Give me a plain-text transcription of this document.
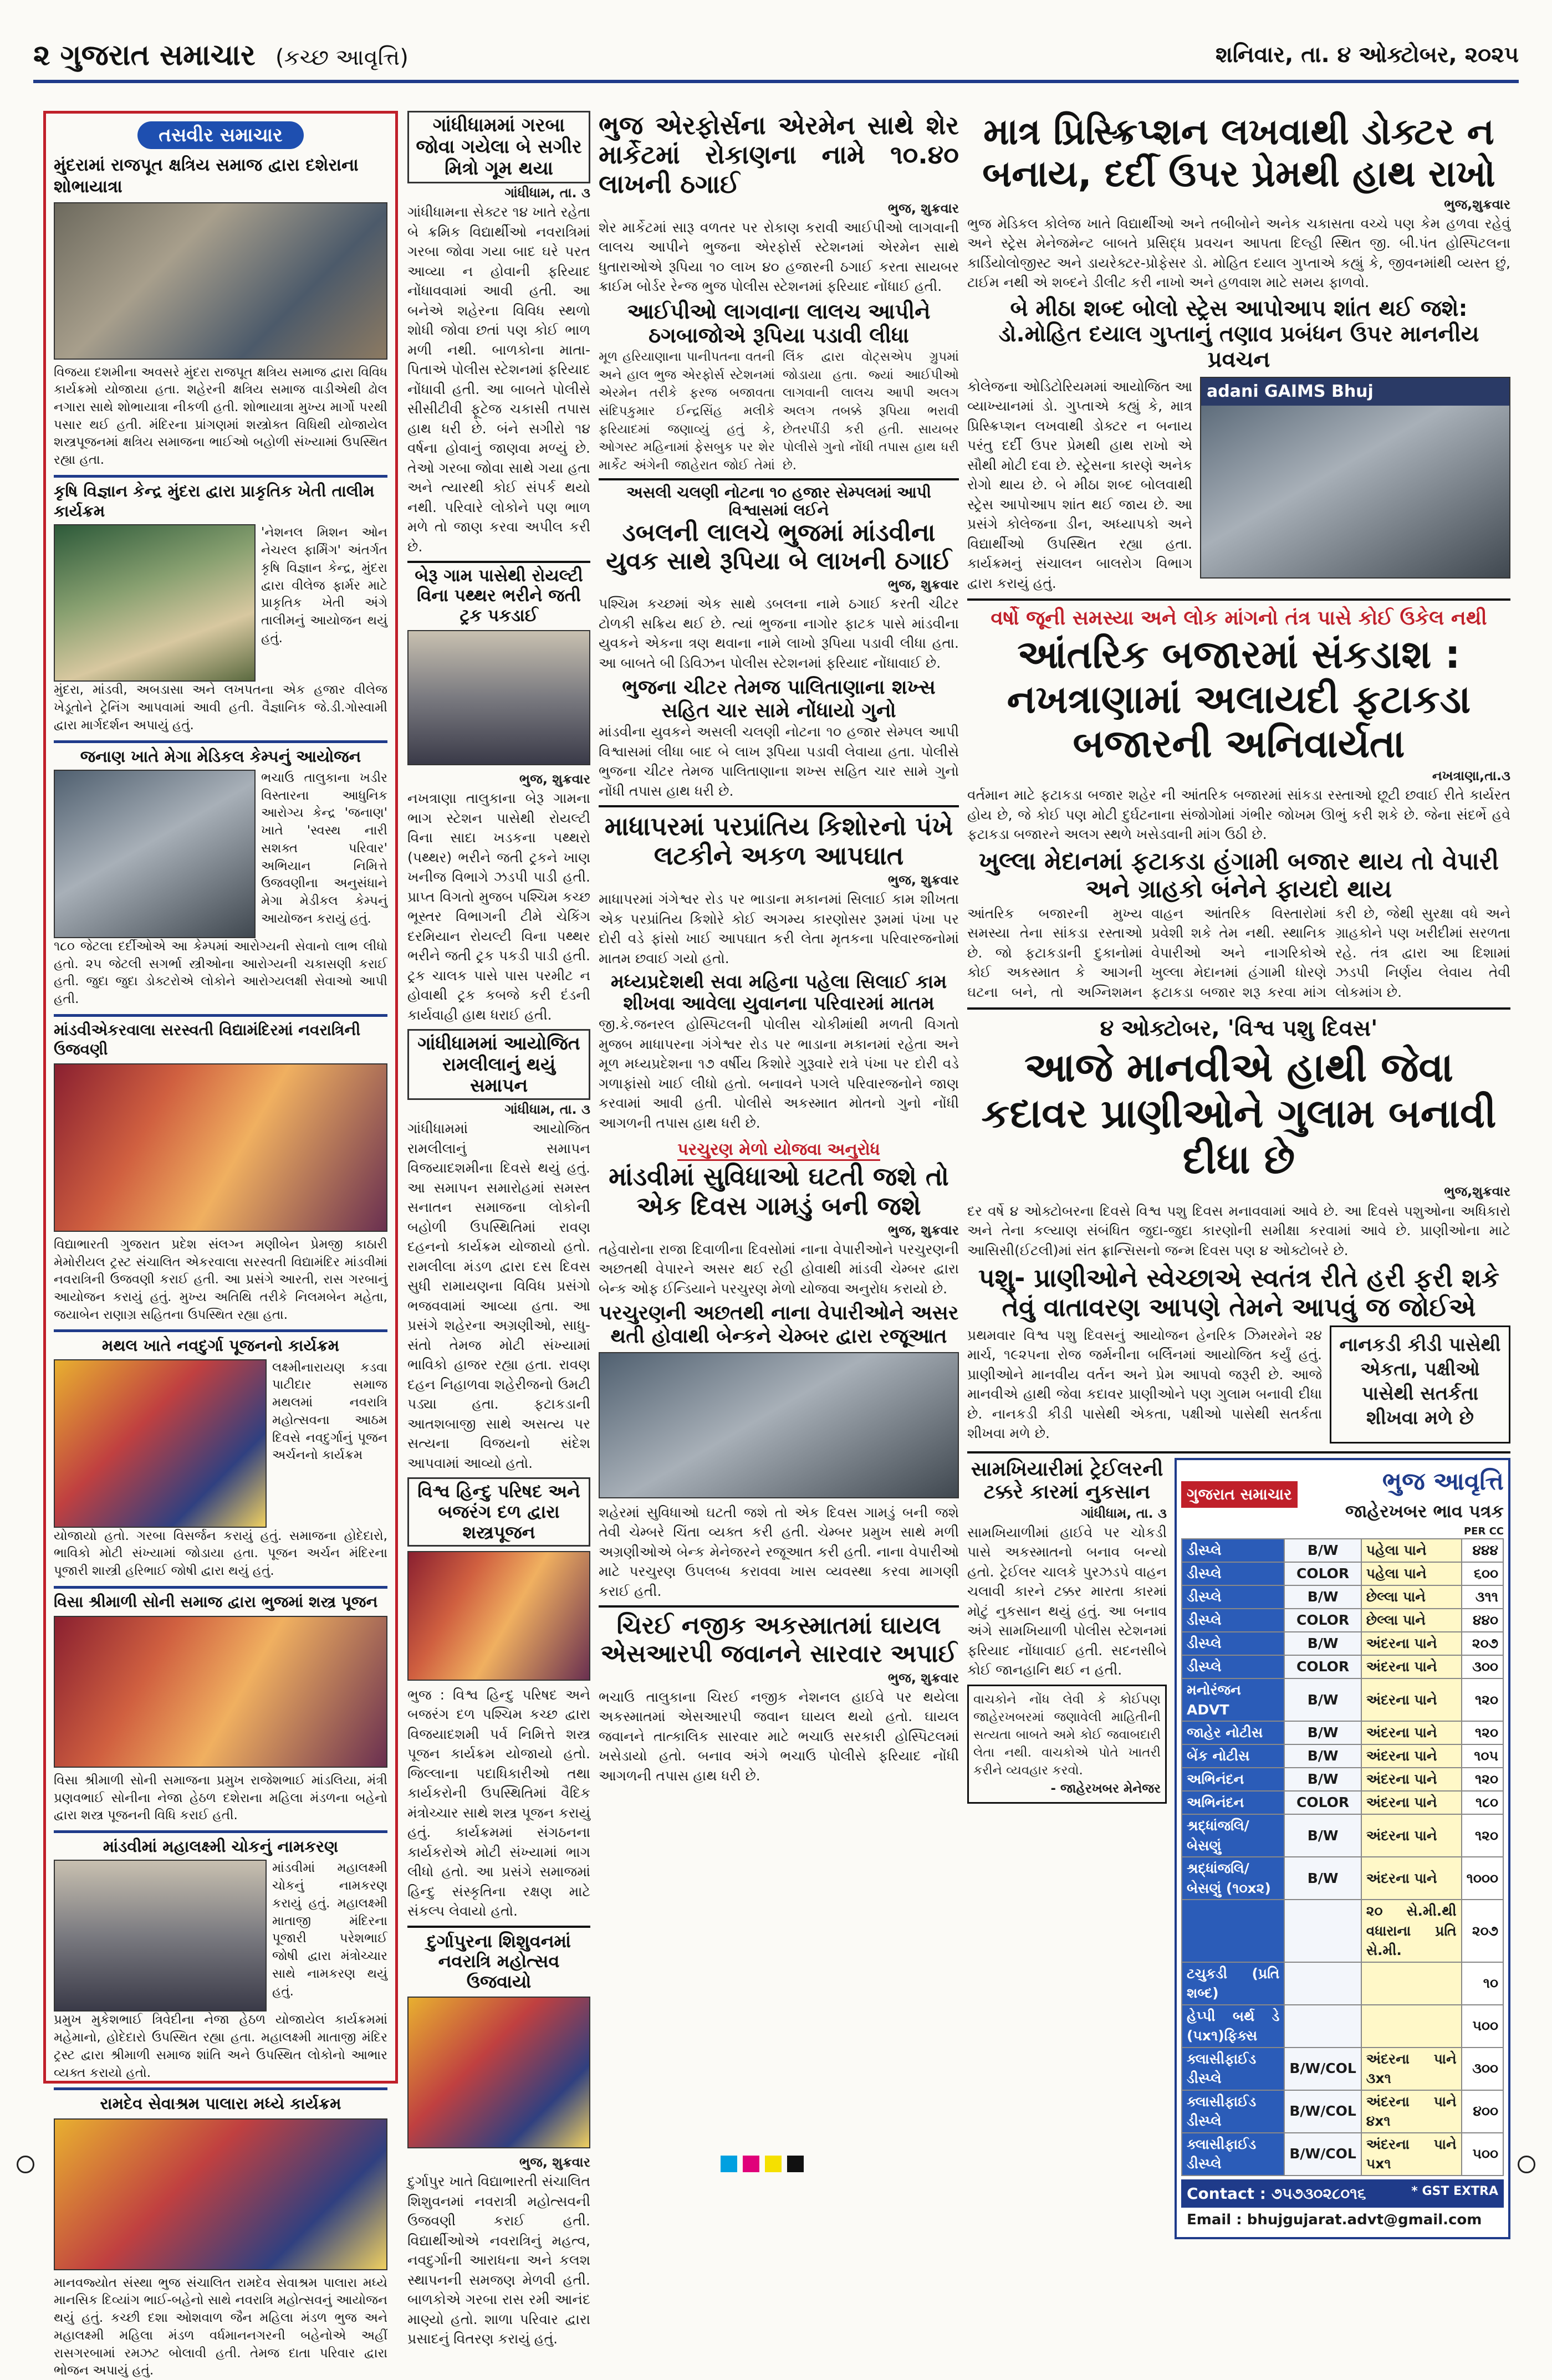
૨ ગુજરાત સમાચાર (કચ્છ આવૃત્તિ)	શનિવાર, તા. ૪ ઓક્ટોબર, ૨૦૨૫
તસવીર સમાચાર
મુંદરામાં રાજપૂત ક્ષત્રિય સમાજ દ્વારા દશેરાના શોભાયાત્રા
વિજયા દશમીના અવસરે મુંદરા રાજપૂત ક્ષત્રિય સમાજ દ્વારા વિવિધ કાર્યક્રમો યોજાયા હતા. શહેરની ક્ષત્રિય સમાજ વાડીએથી ઢોલ નગારા સાથે શોભાયાત્રા નીકળી હતી. શોભાયાત્રા મુખ્ય માર્ગો પરથી પસાર થઈ હતી. મંદિરના પ્રાંગણમાં શસ્ત્રોક્ત વિધિથી યોજાયેલ શસ્ત્રપૂજનમાં ક્ષત્રિય સમાજના ભાઈઓ બહોળી સંખ્યામાં ઉપસ્થિત રહ્યા હતા.
કૃષિ વિજ્ઞાન કેન્દ્ર મુંદરા દ્વારા પ્રાકૃતિક ખેતી તાલીમ કાર્યક્રમ
'નેશનલ મિશન ઓન નેચરલ ફાર્મિંગ' અંતર્ગત કૃષિ વિજ્ઞાન કેન્દ્ર, મુંદરા દ્વારા વીલેજ ફાર્મર માટે પ્રાકૃતિક ખેતી અંગે તાલીમનું આયોજન થયું હતું.
મુંદરા, માંડવી, અબડાસા અને લખપતના એક હજાર વીલેજ ખેડૂતોને ટ્રેનિંગ આપવામાં આવી હતી. વૈજ્ઞાનિક જે.ડી.ગોસ્વામી દ્વારા માર્ગદર્શન અપાયું હતું.
જનાણ ખાતે મેગા મેડિકલ કેમ્પનું આયોજન
ભચાઉ તાલુકાના ખડીર વિસ્તારના આધુનિક આરોગ્ય કેન્દ્ર 'જનાણ' ખાતે 'સ્વસ્થ નારી સશક્ત પરિવાર' અભિયાન નિમિત્તે ઉજવણીના અનુસંધાને મેગા મેડીકલ કેમ્પનું આયોજન કરાયું હતું.
૧૮૦ જેટલા દર્દીઓએ આ કેમ્પમાં આરોગ્યની સેવાનો લાભ લીધો હતો. ૨૫ જેટલી સગર્ભા સ્ત્રીઓના આરોગ્યની ચકાસણી કરાઈ હતી. જુદા જુદા ડોક્ટરોએ લોકોને આરોગ્યલક્ષી સેવાઓ આપી હતી.
માંડવીએકરવાલા સરસ્વતી વિદ્યામંદિરમાં નવરાત્રિની ઉજવણી
વિદ્યાભારતી ગુજરાત પ્રદેશ સંલગ્ન મણીબેન પ્રેમજી કાઠારી મેમોરીયલ ટ્રસ્ટ સંચાલિત એકરવાલા સરસ્વતી વિદ્યામંદિર માંડવીમાં નવરાત્રિની ઉજવણી કરાઈ હતી. આ પ્રસંગે આરતી, રાસ ગરબાનું આયોજન કરાયું હતું. મુખ્ય અતિથિ તરીકે નિલમબેન મહેતા, જયાબેન રાણાગ્ર સહિતના ઉપસ્થિત રહ્યા હતા.
મથલ ખાતે નવદુર્ગા પૂજનનો કાર્યક્રમ
લક્ષ્મીનારાયણ કડવા પાટીદાર સમાજ મથલમાં નવરાત્રિ મહોત્સવના આઠમ દિવસે નવદુર્ગાનું પૂજન અર્ચનનો કાર્યક્રમ
યોજાયો હતો. ગરબા વિસર્જન કરાયું હતું. સમાજના હોદેદારો, ભાવિકો મોટી સંખ્યામાં જોડાયા હતા. પૂજન અર્ચન મંદિરના પૂજારી શાસ્ત્રી હરિભાઈ જોષી દ્વારા થયું હતું.
વિસા શ્રીમાળી સોની સમાજ દ્વારા ભુજમાં શસ્ત્ર પૂજન
વિસા શ્રીમાળી સોની સમાજના પ્રમુખ રાજેશભાઈ માંડલિયા, મંત્રી પ્રણવભાઈ સોનીના નેજા હેઠળ દશેરાના મહિલા મંડળના બહેનો દ્વારા શસ્ત્ર પૂજનની વિધિ કરાઈ હતી.
માંડવીમાં મહાલક્ષ્મી ચોકનું નામકરણ
માંડવીમાં મહાલક્ષ્મી ચોકનું નામકરણ કરાયું હતું. મહાલક્ષ્મી માતાજી મંદિરના પૂજારી પરેશભાઈ જોષી દ્વારા મંત્રોચ્ચાર સાથે નામકરણ થયું હતું.
પ્રમુખ મુકેશભાઈ ત્રિવેદીના નેજા હેઠળ યોજાયેલ કાર્યક્રમમાં મહેમાનો, હોદેદારો ઉપસ્થિત રહ્યા હતા. મહાલક્ષ્મી માતાજી મંદિર ટ્રસ્ટ દ્વારા શ્રીમાળી સમાજ શાંતિ અને ઉપસ્થિત લોકોનો આભાર વ્યક્ત કરાયો હતો.
રામદેવ સેવાશ્રમ પાલારા મધ્યે કાર્યક્રમ
માનવજ્યોત સંસ્થા ભુજ સંચાલિત રામદેવ સેવાશ્રમ પાલારા મધ્યે માનસિક દિવ્યાંગ ભાઈ-બહેનો સાથે નવરાત્રિ મહોત્સવનું આયોજન થયું હતું. કચ્છી દશા ઓશવાળ જૈન મહિલા મંડળ ભુજ અને મહાલક્ષ્મી મહિલા મંડળ વર્ધમાનનગરની બહેનોએ અહીં રાસગરબામાં રમઝટ બોલાવી હતી. તેમજ દાતા પરિવાર દ્વારા ભોજન અપાયું હતું.
ગાંધીધામમાં ગરબા જોવા ગયેલા બે સગીર મિત્રો ગૂમ થયા
ગાંધીધામ, તા. ૩

ગાંધીધામના સેક્ટર ૧૪ ખાતે રહેતા બે ક્રમિક વિદ્યાર્થીઓ નવરાત્રિમાં ગરબા જોવા ગયા બાદ ઘરે પરત આવ્યા ન હોવાની ફરિયાદ નોંધાવવામાં આવી હતી. આ બનેએ શહેરના વિવિધ સ્થળો શોધી જોવા છતાં પણ કોઈ ભાળ મળી નથી. બાળકોના માતા-પિતાએ પોલીસ સ્ટેશનમાં ફરિયાદ નોંધાવી હતી. આ બાબતે પોલીસે સીસીટીવી ફૂટેજ ચકાસી તપાસ હાથ ધરી છે. બંને સગીરો ૧૪ વર્ષના હોવાનું જાણવા મળ્યું છે. તેઓ ગરબા જોવા સાથે ગયા હતા અને ત્યારથી કોઈ સંપર્ક થયો નથી. પરિવારે લોકોને પણ ભાળ મળે તો જાણ કરવા અપીલ કરી છે.

બેરૂ ગામ પાસેથી રોયલ્ટી વિના પથ્થર ભરીને જતી ટ્રક પકડાઈ
ભુજ, શુક્રવાર

નખત્રાણા તાલુકાના બેરૂ ગામના ભાગ સ્ટેશન પાસેથી રોયલ્ટી વિના સાદા ખડકના પથ્થરો (પથ્થર) ભરીને જતી ટ્રકને ખાણ ખનીજ વિભાગે ઝડપી પાડી હતી. પ્રાપ્ત વિગતો મુજબ પશ્ચિમ કચ્છ ભૂસ્તર વિભાગની ટીમે ચેકિંગ દરમિયાન રોયલ્ટી વિના પથ્થર ભરીને જતી ટ્રક પકડી પાડી હતી. ટ્રક ચાલક પાસે પાસ પરમીટ ન હોવાથી ટ્રક કબજે કરી દંડની કાર્યવાહી હાથ ધરાઈ હતી.

ગાંધીધામમાં આયોજિત રામલીલાનું થયું સમાપન
ગાંધીધામ, તા. ૩

ગાંધીધામમાં આયોજિત રામલીલાનું સમાપન વિજયાદશમીના દિવસે થયું હતું. આ સમાપન સમારોહમાં સમસ્ત સનાતન સમાજના લોકોની બહોળી ઉપસ્થિતિમાં રાવણ દહનનો કાર્યક્રમ યોજાયો હતો. રામલીલા મંડળ દ્વારા દસ દિવસ સુધી રામાયણના વિવિધ પ્રસંગો ભજવવામાં આવ્યા હતા. આ પ્રસંગે શહેરના અગ્રણીઓ, સાધુ-સંતો તેમજ મોટી સંખ્યામાં ભાવિકો હાજર રહ્યા હતા. રાવણ દહન નિહાળવા શહેરીજનો ઉમટી પડ્યા હતા. ફટાકડાની આતશબાજી સાથે અસત્ય પર સત્યના વિજયનો સંદેશ આપવામાં આવ્યો હતો.

વિશ્વ હિન્દુ પરિષદ અને બજરંગ દળ દ્વારા શસ્ત્રપૂજન

ભુજ : વિશ્વ હિન્દુ પરિષદ અને બજરંગ દળ પશ્ચિમ કચ્છ દ્વારા વિજયાદશમી પર્વ નિમિત્તે શસ્ત્ર પૂજન કાર્યક્રમ યોજાયો હતો. જિલ્લાના પદાધિકારીઓ તથા કાર્યકરોની ઉપસ્થિતિમાં વૈદિક મંત્રોચ્ચાર સાથે શસ્ત્ર પૂજન કરાયું હતું. કાર્યક્રમમાં સંગઠનના કાર્યકરોએ મોટી સંખ્યામાં ભાગ લીધો હતો. આ પ્રસંગે સમાજમાં હિન્દુ સંસ્કૃતિના રક્ષણ માટે સંકલ્પ લેવાયો હતો.

દુર્ગાપુરના શિશુવનમાં નવરાત્રિ મહોત્સવ ઉજવાયો
ભુજ, શુક્રવાર

દુર્ગાપુર ખાતે વિદ્યાભારતી સંચાલિત શિશુવનમાં નવરાત્રી મહોત્સવની ઉજવણી કરાઈ હતી. વિદ્યાર્થીઓએ નવરાત્રિનું મહત્વ, નવદુર્ગાની આરાધના અને કલશ સ્થાપનની સમજણ મેળવી હતી. બાળકોએ ગરબા રાસ રમી આનંદ માણ્યો હતો. શાળા પરિવાર દ્વારા પ્રસાદનું વિતરણ કરાયું હતું.

ભુજ એરફોર્સના એરમેન સાથે શેર માર્કેટમાં રોકાણના નામે ૧૦.૪૦ લાખની ઠગાઈ
ભુજ, શુક્રવાર

શેર માર્કેટમાં સારૂ વળતર પર રોકાણ કરાવી આઈપીઓ લાગવાની લાલચ આપીને ભુજના એરફોર્સ સ્ટેશનમાં એરમેન સાથે ધુતારાઓએ રૂપિયા ૧૦ લાખ ૪૦ હજારની ઠગાઈ કરતા સાયબર ક્રાઈમ બોર્ડર રેન્જ ભુજ પોલીસ સ્ટેશનમાં ફરિયાદ નોંધાઈ હતી.

આઈપીઓ લાગવાના લાલચ આપીને ઠગબાજોએ રૂપિયા પડાવી લીધા

મૂળ હરિયાણાના પાનીપતના વતની અને હાલ ભુજ એરફોર્સ સ્ટેશનમાં એરમેન તરીકે ફરજ બજાવતા સંદિપકુમાર ઈન્દ્રસિંહ મલીકે ફરિયાદમાં જણાવ્યું હતું કે, ઓગસ્ટ મહિનામાં ફેસબુક પર શેર માર્કેટ અંગેની જાહેરાત જોઈ તેમાં લિંક દ્વારા વોટ્સએપ ગ્રુપમાં જોડાયા હતા. જ્યાં આઈપીઓ લાગવાની લાલચ આપી અલગ અલગ તબક્કે રૂપિયા ભરાવી છેતરપીંડી કરી હતી. સાયબર પોલીસે ગુનો નોંધી તપાસ હાથ ધરી છે.

અસલી ચલણી નોટના ૧૦ હજાર સેમ્પલમાં આપી વિશ્વાસમાં લઈને
ડબલની લાલચે ભુજમાં માંડવીના યુવક સાથે રૂપિયા બે લાખની ઠગાઈ
ભુજ, શુક્રવાર

પશ્ચિમ કચ્છમાં એક સાથે ડબલના નામે ઠગાઈ કરતી ચીટર ટોળકી સક્રિય થઈ છે. ત્યાં ભુજના નાગોર ફાટક પાસે માંડવીના યુવકને એકના ત્રણ થવાના નામે લાખો રૂપિયા પડાવી લીધા હતા. આ બાબતે બી ડિવિઝન પોલીસ સ્ટેશનમાં ફરિયાદ નોંધાવાઈ છે.

ભુજના ચીટર તેમજ પાલિતાણાના શખ્સ સહિત ચાર સામે નોંધાયો ગુનો

માંડવીના યુવકને અસલી ચલણી નોટના ૧૦ હજાર સેમ્પલ આપી વિશ્વાસમાં લીધા બાદ બે લાખ રૂપિયા પડાવી લેવાયા હતા. પોલીસે ભુજના ચીટર તેમજ પાલિતાણાના શખ્સ સહિત ચાર સામે ગુનો નોંધી તપાસ હાથ ધરી છે.

માધાપરમાં પરપ્રાંતિય કિશોરનો પંખે લટકીને અકળ આપઘાત
ભુજ, શુક્રવાર

માધાપરમાં ગંગેશ્વર રોડ પર ભાડાના મકાનમાં સિલાઈ કામ શીખતા એક પરપ્રાંતિય કિશોરે કોઈ અગમ્ય કારણોસર રૂમમાં પંખા પર દોરી વડે ફાંસો ખાઈ આપઘાત કરી લેતા મૃતકના પરિવારજનોમાં માતમ છવાઈ ગયો હતો.

મધ્યપ્રદેશથી સવા મહિના પહેલા સિલાઈ કામ શીખવા આવેલા યુવાનના પરિવારમાં માતમ

જી.કે.જનરલ હોસ્પિટલની પોલીસ ચોકીમાંથી મળતી વિગતો મુજબ માધાપરના ગંગેશ્વર રોડ પર ભાડાના મકાનમાં રહેતા અને મૂળ મધ્યપ્રદેશના ૧૭ વર્ષીય કિશોરે ગુરૂવારે રાત્રે પંખા પર દોરી વડે ગળાફાંસો ખાઈ લીધો હતો. બનાવને પગલે પરિવારજનોને જાણ કરવામાં આવી હતી. પોલીસે અકસ્માત મોતનો ગુનો નોંધી આગળની તપાસ હાથ ધરી છે.

પરચુરણ મેળો યોજવા અનુરોધ
માંડવીમાં સુવિધાઓ ઘટતી જશે તો એક દિવસ ગામડું બની જશે
ભુજ, શુક્રવાર

તહેવારોના રાજા દિવાળીના દિવસોમાં નાના વેપારીઓને પરચુરણની અછતથી વેપારને અસર થઈ રહી હોવાથી માંડવી ચેમ્બર દ્વારા બેન્ક ઓફ ઈન્ડિયાને પરચુરણ મેળો યોજવા અનુરોધ કરાયો છે.

પરચુરણની અછતથી નાના વેપારીઓને અસર થતી હોવાથી બેન્કને ચેમ્બર દ્વારા રજૂઆત

શહેરમાં સુવિધાઓ ઘટતી જશે તો એક દિવસ ગામડું બની જશે તેવી ચેમ્બરે ચિંતા વ્યક્ત કરી હતી. ચેમ્બર પ્રમુખ સાથે મળી અગ્રણીઓએ બેન્ક મેનેજરને રજૂઆત કરી હતી. નાના વેપારીઓ માટે પરચુરણ ઉપલબ્ધ કરાવવા ખાસ વ્યવસ્થા કરવા માગણી કરાઈ હતી.

ચિરઈ નજીક અકસ્માતમાં ઘાયલ એસઆરપી જવાનને સારવાર અપાઈ
ભુજ, શુક્રવાર

ભચાઉ તાલુકાના ચિરઈ નજીક નેશનલ હાઈવે પર થયેલા અકસ્માતમાં એસઆરપી જવાન ઘાયલ થયો હતો. ઘાયલ જવાનને તાત્કાલિક સારવાર માટે ભચાઉ સરકારી હોસ્પિટલમાં ખસેડાયો હતો. બનાવ અંગે ભચાઉ પોલીસે ફરિયાદ નોંધી આગળની તપાસ હાથ ધરી છે.

માત્ર પ્રિસ્ક્રિપ્શન લખવાથી ડોક્ટર ન બનાય, દર્દી ઉપર પ્રેમથી હાથ રાખો
ભુજ,શુક્રવાર

ભુજ મેડિકલ કોલેજ ખાતે વિદ્યાર્થીઓ અને તબીબોને અનેક ચકાસતા વચ્ચે પણ કેમ હળવા રહેવું અને સ્ટ્રેસ મેનેજમેન્ટ બાબતે પ્રસિદ્ધ પ્રવચન આપતા દિલ્હી સ્થિત જી. બી.પંત હોસ્પિટલના કાર્ડિયોલોજીસ્ટ અને ડાયરેક્ટર-પ્રોફેસર ડો. મોહિત દયાલ ગુપ્તાએ કહ્યું કે, જીવનમાંથી વ્યસ્ત છું, ટાઈમ નથી એ શબ્દને ડીલીટ કરી નાખો અને હળવાશ માટે સમય ફાળવો.

બે મીઠા શબ્દ બોલો સ્ટ્રેસ આપોઆપ શાંત થઈ જશે: ડો.મોહિત દયાલ ગુપ્તાનું તણાવ પ્રબંધન ઉપર માનનીય પ્રવચન

કોલેજના ઓડિટોરિયમમાં આયોજિત આ વ્યાખ્યાનમાં ડો. ગુપ્તાએ કહ્યું કે, માત્ર પ્રિસ્ક્રિપ્શન લખવાથી ડોક્ટર ન બનાય પરંતુ દર્દી ઉપર પ્રેમથી હાથ રાખો એ સૌથી મોટી દવા છે. સ્ટ્રેસના કારણે અનેક રોગો થાય છે. બે મીઠા શબ્દ બોલવાથી સ્ટ્રેસ આપોઆપ શાંત થઈ જાય છે. આ પ્રસંગે કોલેજના ડીન, અધ્યાપકો અને વિદ્યાર્થીઓ ઉપસ્થિત રહ્યા હતા. કાર્યક્રમનું સંચાલન બાલરોગ વિભાગ દ્વારા કરાયું હતું.

adani GAIMS Bhuj
વર્ષો જૂની સમસ્યા અને લોક માંગનો તંત્ર પાસે કોઈ ઉકેલ નથી
આંતરિક બજારમાં સંકડાશ : નખત્રાણામાં અલાયદી ફટાકડા બજારની અનિવાર્યતા
નખત્રાણા,તા.૩

વર્તમાન માટે ફટાકડા બજાર શહેર ની આંતરિક બજારમાં સાંકડા રસ્તાઓ છૂટી છવાઈ રીતે કાર્યરત હોય છે, જે કોઈ પણ મોટી દુર્ઘટનાના સંજોગોમાં ગંભીર જોખમ ઊભું કરી શકે છે. જેના સંદર્ભે હવે ફટાકડા બજારને અલગ સ્થળે ખસેડવાની માંગ ઉઠી છે.

ખુલ્લા મેદાનમાં ફટાકડા હંગામી બજાર થાય તો વેપારી અને ગ્રાહકો બંનેને ફાયદો થાય

આંતરિક બજારની મુખ્ય સમસ્યા તેના સાંકડા રસ્તાઓ છે. જો ફટાકડાની દુકાનોમાં કોઈ અકસ્માત કે આગની ઘટના બને, તો અગ્નિશમન વાહન આંતરિક વિસ્તારોમાં પ્રવેશી શકે તેમ નથી. સ્થાનિક વેપારીઓ અને નાગરિકોએ ખુલ્લા મેદાનમાં હંગામી ધોરણે ફટાકડા બજાર શરૂ કરવા માંગ કરી છે, જેથી સુરક્ષા વધે અને ગ્રાહકોને પણ ખરીદીમાં સરળતા રહે. તંત્ર દ્વારા આ દિશામાં ઝડપી નિર્ણય લેવાય તેવી લોકમાંગ છે.

૪ ઓક્ટોબર, 'વિશ્વ પશુ દિવસ'
આજે માનવીએ હાથી જેવા કદાવર પ્રાણીઓને ગુલામ બનાવી દીધા છે
ભુજ,શુક્રવાર

દર વર્ષે ૪ ઓક્ટોબરના દિવસે વિશ્વ પશુ દિવસ મનાવવામાં આવે છે. આ દિવસે પશુઓના અધિકારો અને તેના કલ્યાણ સંબંધિત જુદા-જુદા કારણોની સમીક્ષા કરવામાં આવે છે. પ્રાણીઓના માટે આસિસી(ઈટલી)માં સંત ફ્રાન્સિસનો જન્મ દિવસ પણ ૪ ઓક્ટોબરે છે.

પશુ- પ્રાણીઓને સ્વેચ્છાએ સ્વતંત્ર રીતે હરી ફરી શકે તેવું વાતાવરણ આપણે તેમને આપવું જ જોઈએ

પ્રથમવાર વિશ્વ પશુ દિવસનું આયોજન હેનરિક ઝિમરમેને ૨૪ માર્ચ, ૧૯૨૫ના રોજ જર્મનીના બર્લિનમાં આયોજિત કર્યું હતું. પ્રાણીઓને માનવીય વર્તન અને પ્રેમ આપવો જરૂરી છે. આજે માનવીએ હાથી જેવા કદાવર પ્રાણીઓને પણ ગુલામ બનાવી દીધા છે. નાનકડી કીડી પાસેથી એકતા, પક્ષીઓ પાસેથી સતર્કતા શીખવા મળે છે.

નાનકડી કીડી પાસેથી એકતા, પક્ષીઓ પાસેથી સતર્કતા શીખવા મળે છે
સામખિયારીમાં ટ્રેઈલરની ટક્કરે કારમાં નુકસાન
ગાંધીધામ, તા. ૩

સામખિયાળીમાં હાઈવે પર ચોકડી પાસે અકસ્માતનો બનાવ બન્યો હતો. ટ્રેઈલર ચાલકે પુરઝડપે વાહન ચલાવી કારને ટક્કર મારતા કારમાં મોટું નુકસાન થયું હતું. આ બનાવ અંગે સામખિયાળી પોલીસ સ્ટેશનમાં ફરિયાદ નોંધાવાઈ હતી. સદનસીબે કોઈ જાનહાનિ થઈ ન હતી.

વાચકોને નોંધ લેવી કે કોઈપણ જાહેરખબરમાં જણાવેલી માહિતીની સત્યતા બાબતે અમે કોઈ જવાબદારી લેતા નથી. વાચકોએ પોતે ખાતરી કરીને વ્યવહાર કરવો.
- જાહેરખબર મેનેજર
ગુજરાત સમાચાર	ભુજ આવૃત્તિ
જાહેરખબર ભાવ પત્રક
PER CC
ડીસ્પ્લે	B/W	પહેલા પાને	૪૪૪
ડીસ્પ્લે	COLOR	પહેલા પાને	૬૦૦
ડીસ્પ્લે	B/W	છેલ્લા પાને	૩૧૧
ડીસ્પ્લે	COLOR	છેલ્લા પાને	૪૪૦
ડીસ્પ્લે	B/W	અંદરના પાને	૨૦૭
ડીસ્પ્લે	COLOR	અંદરના પાને	૩૦૦
મનોરંજન ADVT	B/W	અંદરના પાને	૧૨૦
જાહેર નોટીસ	B/W	અંદરના પાને	૧૨૦
બેંક નોટીસ	B/W	અંદરના પાને	૧૦૫
અભિનંદન	B/W	અંદરના પાને	૧૨૦
અભિનંદન	COLOR	અંદરના પાને	૧૮૦
શ્રદ્ધાંજલિ/બેસણું	B/W	અંદરના પાને	૧૨૦
શ્રદ્ધાંજલિ/બેસણું (૧૦x૨)	B/W	અંદરના પાને	૧૦૦૦
		૨૦ સે.મી.થી વધારાના પ્રતિ સે.મી.	૨૦૭
ટચુકડી (પ્રતિ શબ્દ)			૧૦
હેપ્પી બર્થ ડે (૫x૧)ફિક્સ			૫૦૦
ક્લાસીફાઈડ ડીસ્પ્લે	B/W/COL	અંદરના પાને ૩x૧	૩૦૦
ક્લાસીફાઈડ ડીસ્પ્લે	B/W/COL	અંદરના પાને ૪x૧	૪૦૦
ક્લાસીફાઈડ ડીસ્પ્લે	B/W/COL	અંદરના પાને ૫x૧	૫૦૦
Contact : ૭૫૭૩૦૨૮૦૧૬	* GST EXTRA
Email : bhujgujarat.advt@gmail.com
